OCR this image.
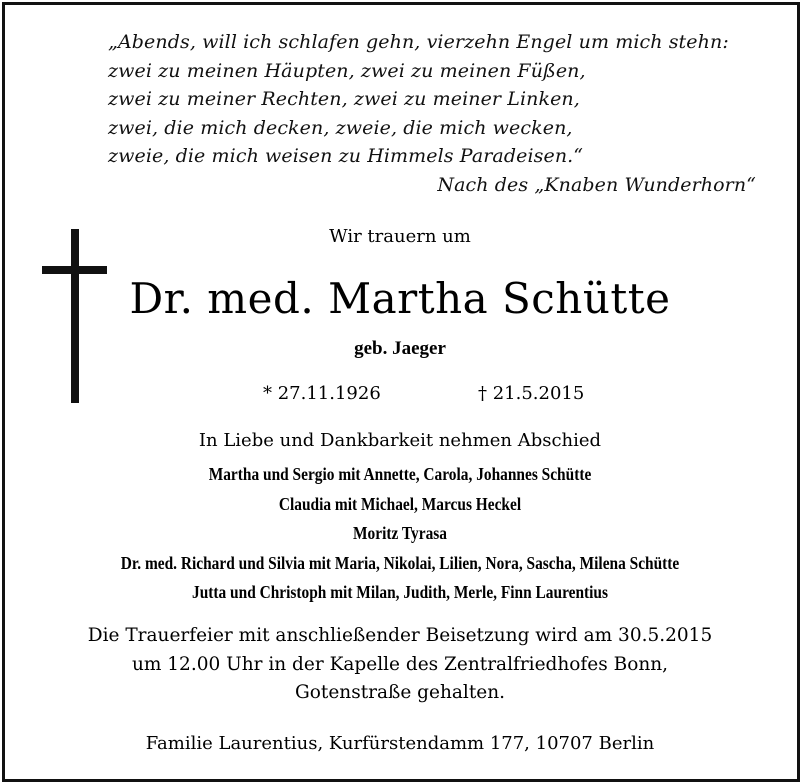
„Abends, will ich schlafen gehn, vierzehn Engel um mich stehn:
zwei zu meinen Häupten, zwei zu meinen Füßen,
zwei zu meiner Rechten, zwei zu meiner Linken,
zwei, die mich decken, zweie, die mich wecken,
zweie, die mich weisen zu Himmels Paradeisen.“
Nach des „Knaben Wunderhorn“
Wir trauern um
Dr. med. Martha Schütte
geb. Jaeger
* 27.11.1926	† 21.5.2015
In Liebe und Dankbarkeit nehmen Abschied
Martha und Sergio mit Annette, Carola, Johannes Schütte
Claudia mit Michael, Marcus Heckel
Moritz Tyrasa
Dr. med. Richard und Silvia mit Maria, Nikolai, Lilien, Nora, Sascha, Milena Schütte
Jutta und Christoph mit Milan, Judith, Merle, Finn Laurentius
Die Trauerfeier mit anschließender Beisetzung wird am 30.5.2015
um 12.00 Uhr in der Kapelle des Zentralfriedhofes Bonn,
Gotenstraße gehalten.
Familie Laurentius, Kurfürstendamm 177, 10707 Berlin
